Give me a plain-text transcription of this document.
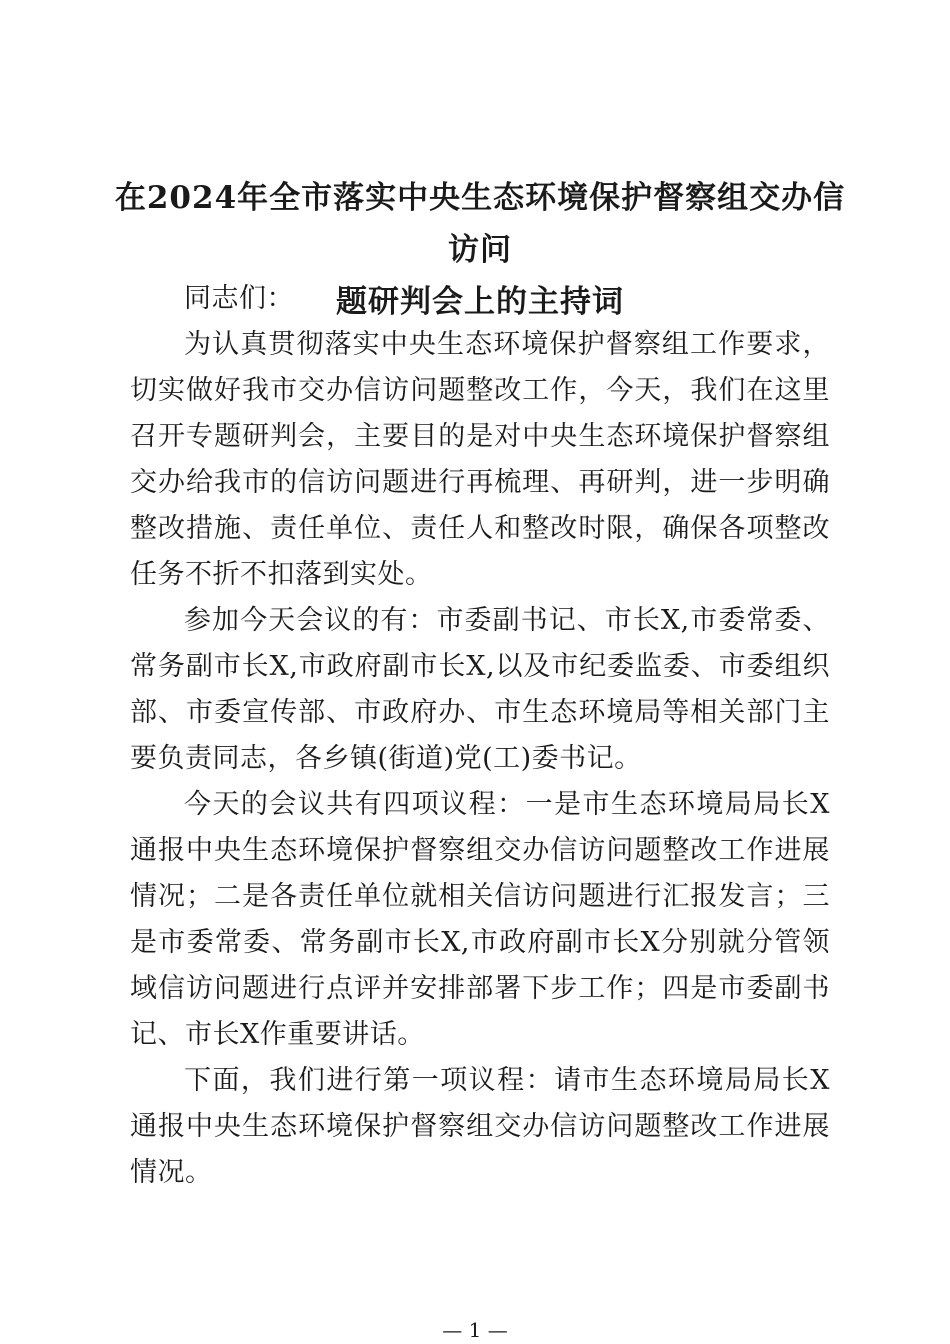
在2024年全市落实中央生态环境保护督察组交办信访问
题研判会上的主持词

同志们：

为认真贯彻落实中央生态环境保护督察组工作要求，切实做好我市交办信访问题整改工作，今天，我们在这里召开专题研判会，主要目的是对中央生态环境保护督察组交办给我市的信访问题进行再梳理、再研判，进一步明确整改措施、责任单位、责任人和整改时限，确保各项整改任务不折不扣落到实处。

参加今天会议的有：市委副书记、市长X,市委常委、常务副市长X,市政府副市长X,以及市纪委监委、市委组织部、市委宣传部、市政府办、市生态环境局等相关部门主要负责同志，各乡镇(街道)党(工)委书记。

今天的会议共有四项议程：一是市生态环境局局长X通报中央生态环境保护督察组交办信访问题整改工作进展情况；二是各责任单位就相关信访问题进行汇报发言；三是市委常委、常务副市长X,市政府副市长X分别就分管领域信访问题进行点评并安排部署下步工作；四是市委副书记、市长X作重要讲话。

下面，我们进行第一项议程：请市生态环境局局长X通报中央生态环境保护督察组交办信访问题整改工作进展情况。

— 1 —
